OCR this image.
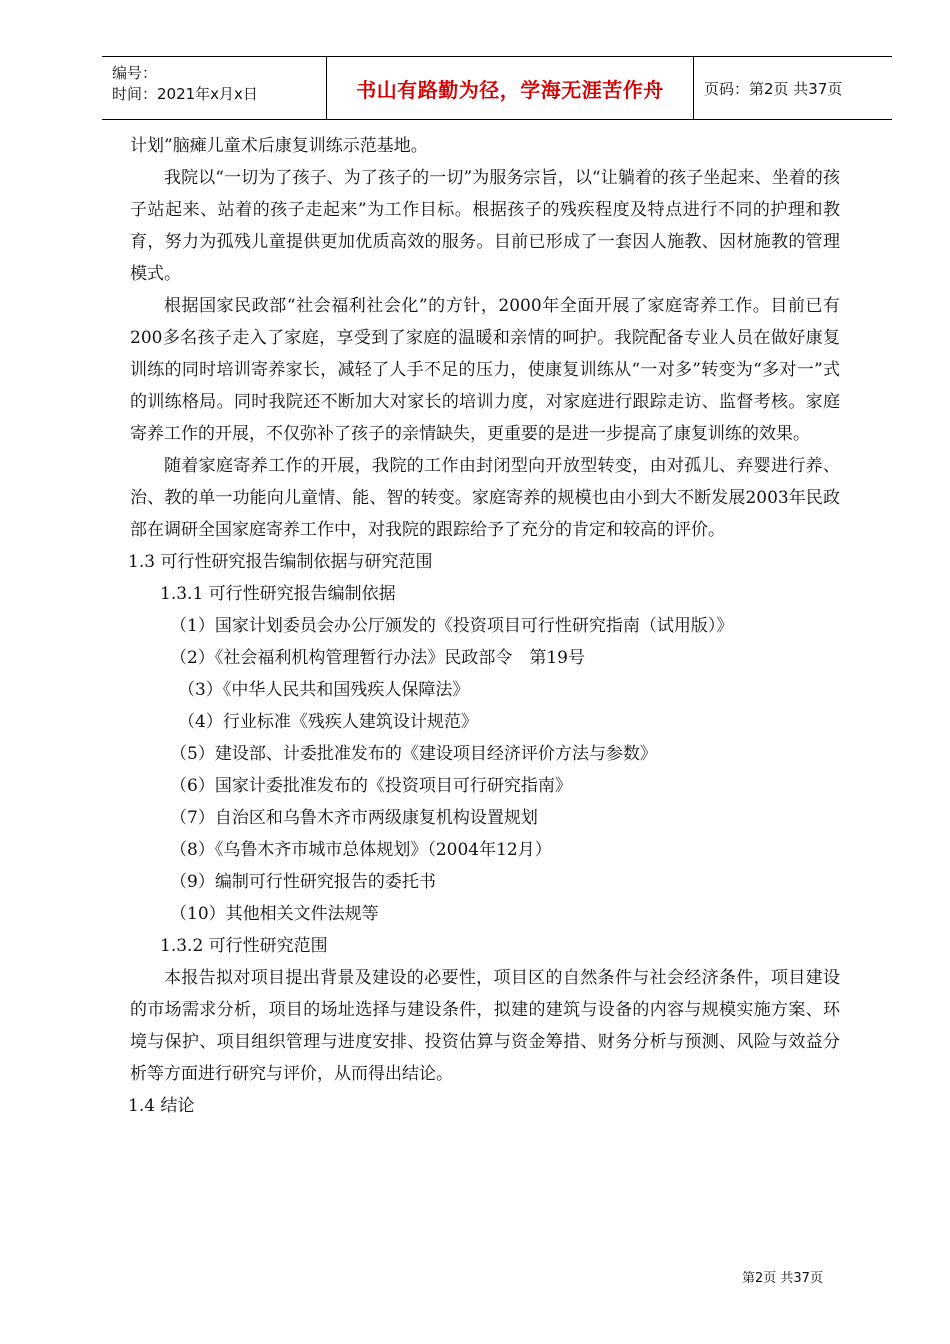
编号：
时间：2021年x月x日	书山有路勤为径，学海无涯苦作舟	页码：第2页 共37页

计划”脑瘫儿童术后康复训练示范基地。

我院以“一切为了孩子、为了孩子的一切”为服务宗旨，以“让躺着的孩子坐起来、坐着的孩子站起来、站着的孩子走起来”为工作目标。根据孩子的残疾程度及特点进行不同的护理和教育，努力为孤残儿童提供更加优质高效的服务。目前已形成了一套因人施教、因材施教的管理模式。

根据国家民政部“社会福利社会化”的方针，2000年全面开展了家庭寄养工作。目前已有200多名孩子走入了家庭，享受到了家庭的温暖和亲情的呵护。我院配备专业人员在做好康复训练的同时培训寄养家长，减轻了人手不足的压力，使康复训练从“一对多”转变为“多对一”式的训练格局。同时我院还不断加大对家长的培训力度，对家庭进行跟踪走访、监督考核。家庭寄养工作的开展，不仅弥补了孩子的亲情缺失，更重要的是进一步提高了康复训练的效果。

随着家庭寄养工作的开展，我院的工作由封闭型向开放型转变，由对孤儿、弃婴进行养、治、教的单一功能向儿童情、能、智的转变。家庭寄养的规模也由小到大不断发展2003年民政部在调研全国家庭寄养工作中，对我院的跟踪给予了充分的肯定和较高的评价。

1.3 可行性研究报告编制依据与研究范围

1.3.1 可行性研究报告编制依据

（1）国家计划委员会办公厅颁发的《投资项目可行性研究指南（试用版）》

（2）《社会福利机构管理暂行办法》民政部令　第19号

（3）《中华人民共和国残疾人保障法》

（4）行业标准《残疾人建筑设计规范》

（5）建设部、计委批准发布的《建设项目经济评价方法与参数》

（6）国家计委批准发布的《投资项目可行研究指南》

（7）自治区和乌鲁木齐市两级康复机构设置规划

（8）《乌鲁木齐市城市总体规划》（2004年12月）

（9）编制可行性研究报告的委托书

（10）其他相关文件法规等

1.3.2 可行性研究范围

本报告拟对项目提出背景及建设的必要性，项目区的自然条件与社会经济条件，项目建设的市场需求分析，项目的场址选择与建设条件，拟建的建筑与设备的内容与规模实施方案、环境与保护、项目组织管理与进度安排、投资估算与资金筹措、财务分析与预测、风险与效益分析等方面进行研究与评价，从而得出结论。

1.4 结论

第2页 共37页
